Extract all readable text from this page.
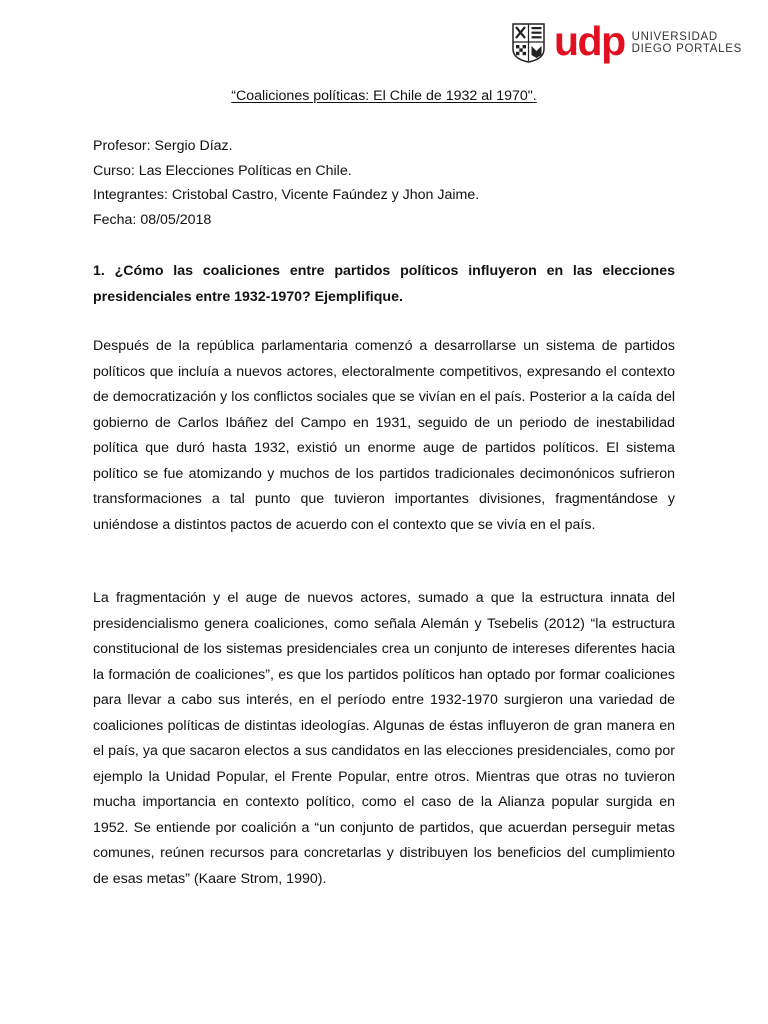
udp UNIVERSIDAD
DIEGO PORTALES
“Coaliciones políticas: El Chile de 1932 al 1970".
Profesor: Sergio Díaz.
Curso: Las Elecciones Políticas en Chile.
Integrantes: Cristobal Castro, Vicente Faúndez y Jhon Jaime.
Fecha: 08/05/2018
1. ¿Cómo las coaliciones entre partidos políticos influyeron en las elecciones presidenciales entre 1932-1970? Ejemplifique.

Después de la república parlamentaria comenzó a desarrollarse un sistema de partidos políticos que incluía a nuevos actores, electoralmente competitivos, expresando el contexto de democratización y los conflictos sociales que se vivían en el país. Posterior a la caída del gobierno de Carlos Ibáñez del Campo en 1931, seguido de un periodo de inestabilidad política que duró hasta 1932, existió un enorme auge de partidos políticos. El sistema político se fue atomizando y muchos de los partidos tradicionales decimonónicos sufrieron transformaciones a tal punto que tuvieron importantes divisiones, fragmentándose y uniéndose a distintos pactos de acuerdo con el contexto que se vivía en el país.

La fragmentación y el auge de nuevos actores, sumado a que la estructura innata del presidencialismo genera coaliciones, como señala Alemán y Tsebelis (2012) “la estructura constitucional de los sistemas presidenciales crea un conjunto de intereses diferentes hacia la formación de coaliciones”, es que los partidos políticos han optado por formar coaliciones para llevar a cabo sus interés, en el período entre 1932-1970 surgieron una variedad de coaliciones políticas de distintas ideologías. Algunas de éstas influyeron de gran manera en el país, ya que sacaron electos a sus candidatos en las elecciones presidenciales, como por ejemplo la Unidad Popular, el Frente Popular, entre otros. Mientras que otras no tuvieron mucha importancia en contexto político, como el caso de la Alianza popular surgida en 1952. Se entiende por coalición a “un conjunto de partidos, que acuerdan perseguir metas comunes, reúnen recursos para concretarlas y distribuyen los beneficios del cumplimiento de esas metas” (Kaare Strom, 1990).
